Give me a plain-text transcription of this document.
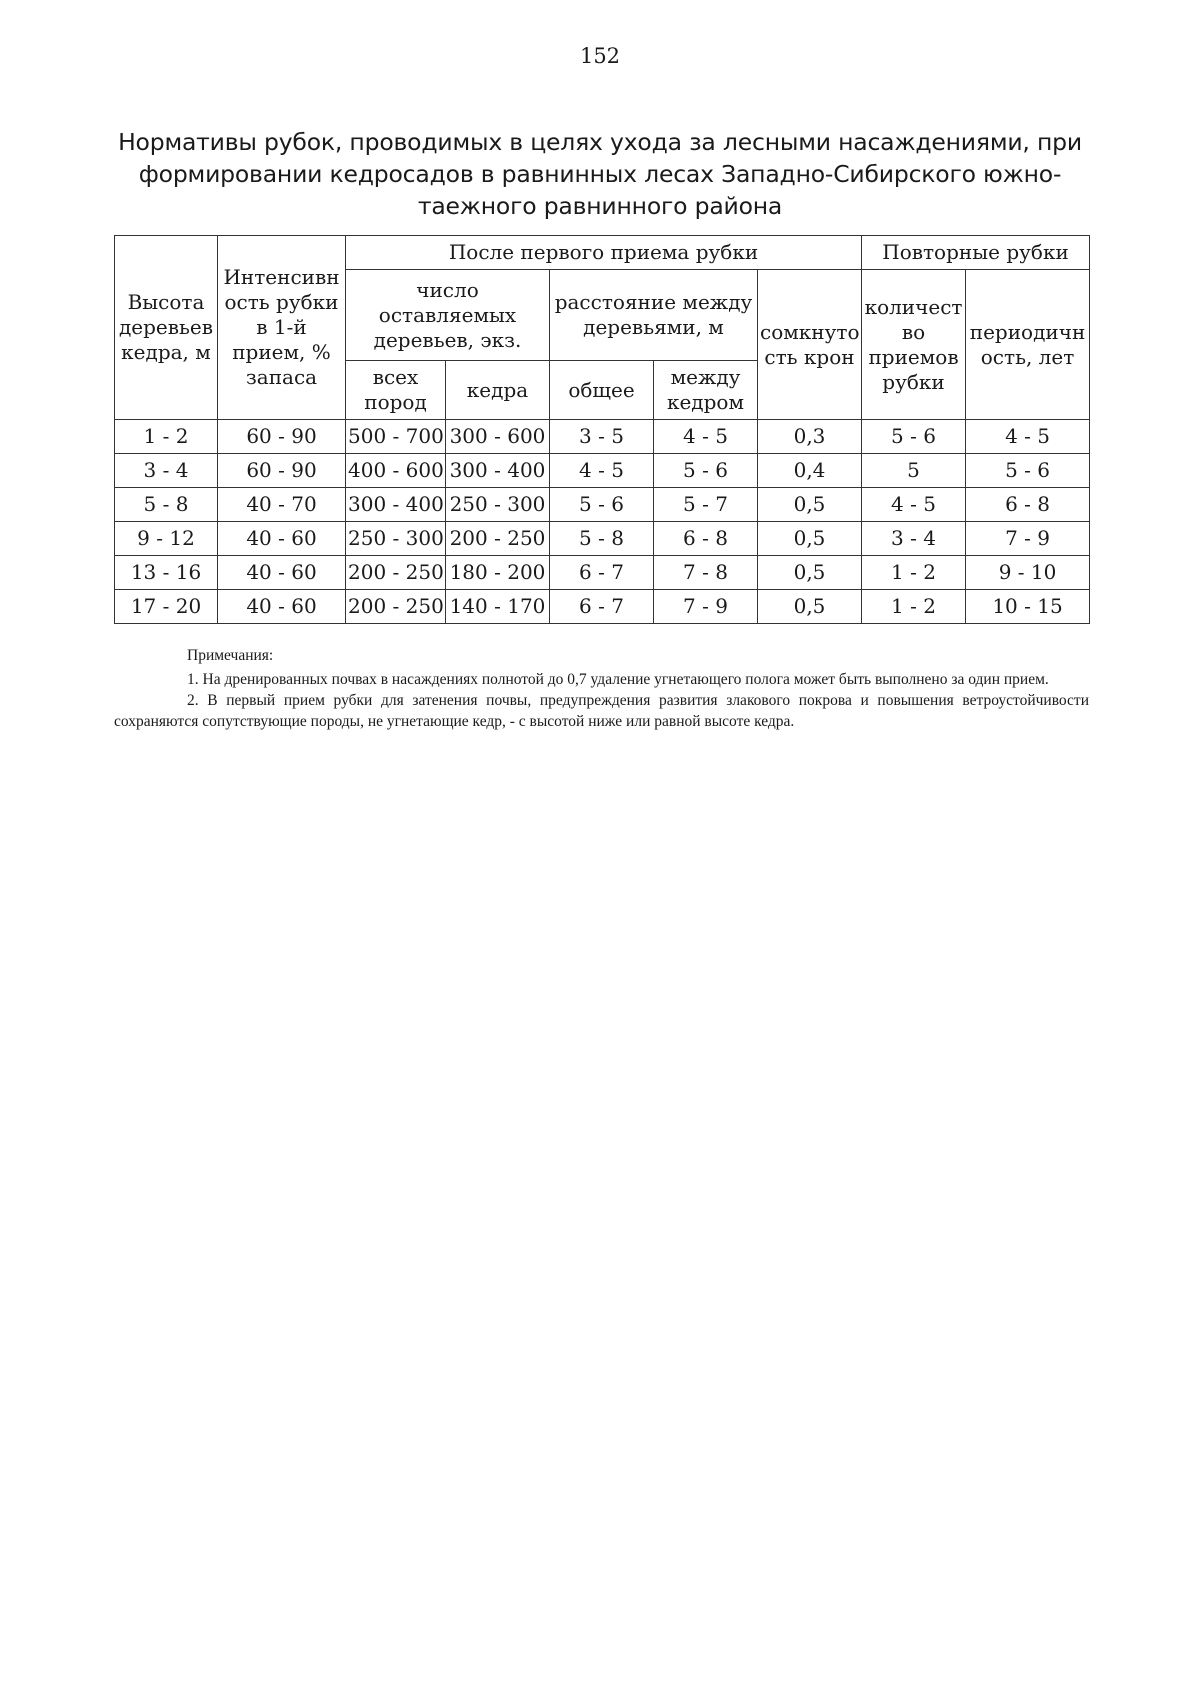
152
Нормативы рубок, проводимых в целях ухода за лесными насаждениями, при
формировании кедросадов в равнинных лесах Западно-Сибирского южно-
таежного равнинного района
Высота деревьев кедра, м	Интенсивн ость рубки в 1-й прием, % запаса	После первого приема рубки					Повторные рубки	
		число оставляемых деревьев, экз.		расстояние между деревьями, м		сомкнуто сть крон	количест во приемов рубки	периодичн ость, лет
		всех пород	кедра	общее	между кедром			
1 - 2	60 - 90	500 - 700	300 - 600	3 - 5	4 - 5	0,3	5 - 6	4 - 5
3 - 4	60 - 90	400 - 600	300 - 400	4 - 5	5 - 6	0,4	5	5 - 6
5 - 8	40 - 70	300 - 400	250 - 300	5 - 6	5 - 7	0,5	4 - 5	6 - 8
9 - 12	40 - 60	250 - 300	200 - 250	5 - 8	6 - 8	0,5	3 - 4	7 - 9
13 - 16	40 - 60	200 - 250	180 - 200	6 - 7	7 - 8	0,5	1 - 2	9 - 10
17 - 20	40 - 60	200 - 250	140 - 170	6 - 7	7 - 9	0,5	1 - 2	10 - 15

Примечания:

1. На дренированных почвах в насаждениях полнотой до 0,7 удаление угнетающего полога может быть выполнено за один прием.

2. В первый прием рубки для затенения почвы, предупреждения развития злакового покрова и повышения ветроустойчивости сохраняются сопутствующие породы, не угнетающие кедр, - с высотой ниже или равной высоте кедра.
